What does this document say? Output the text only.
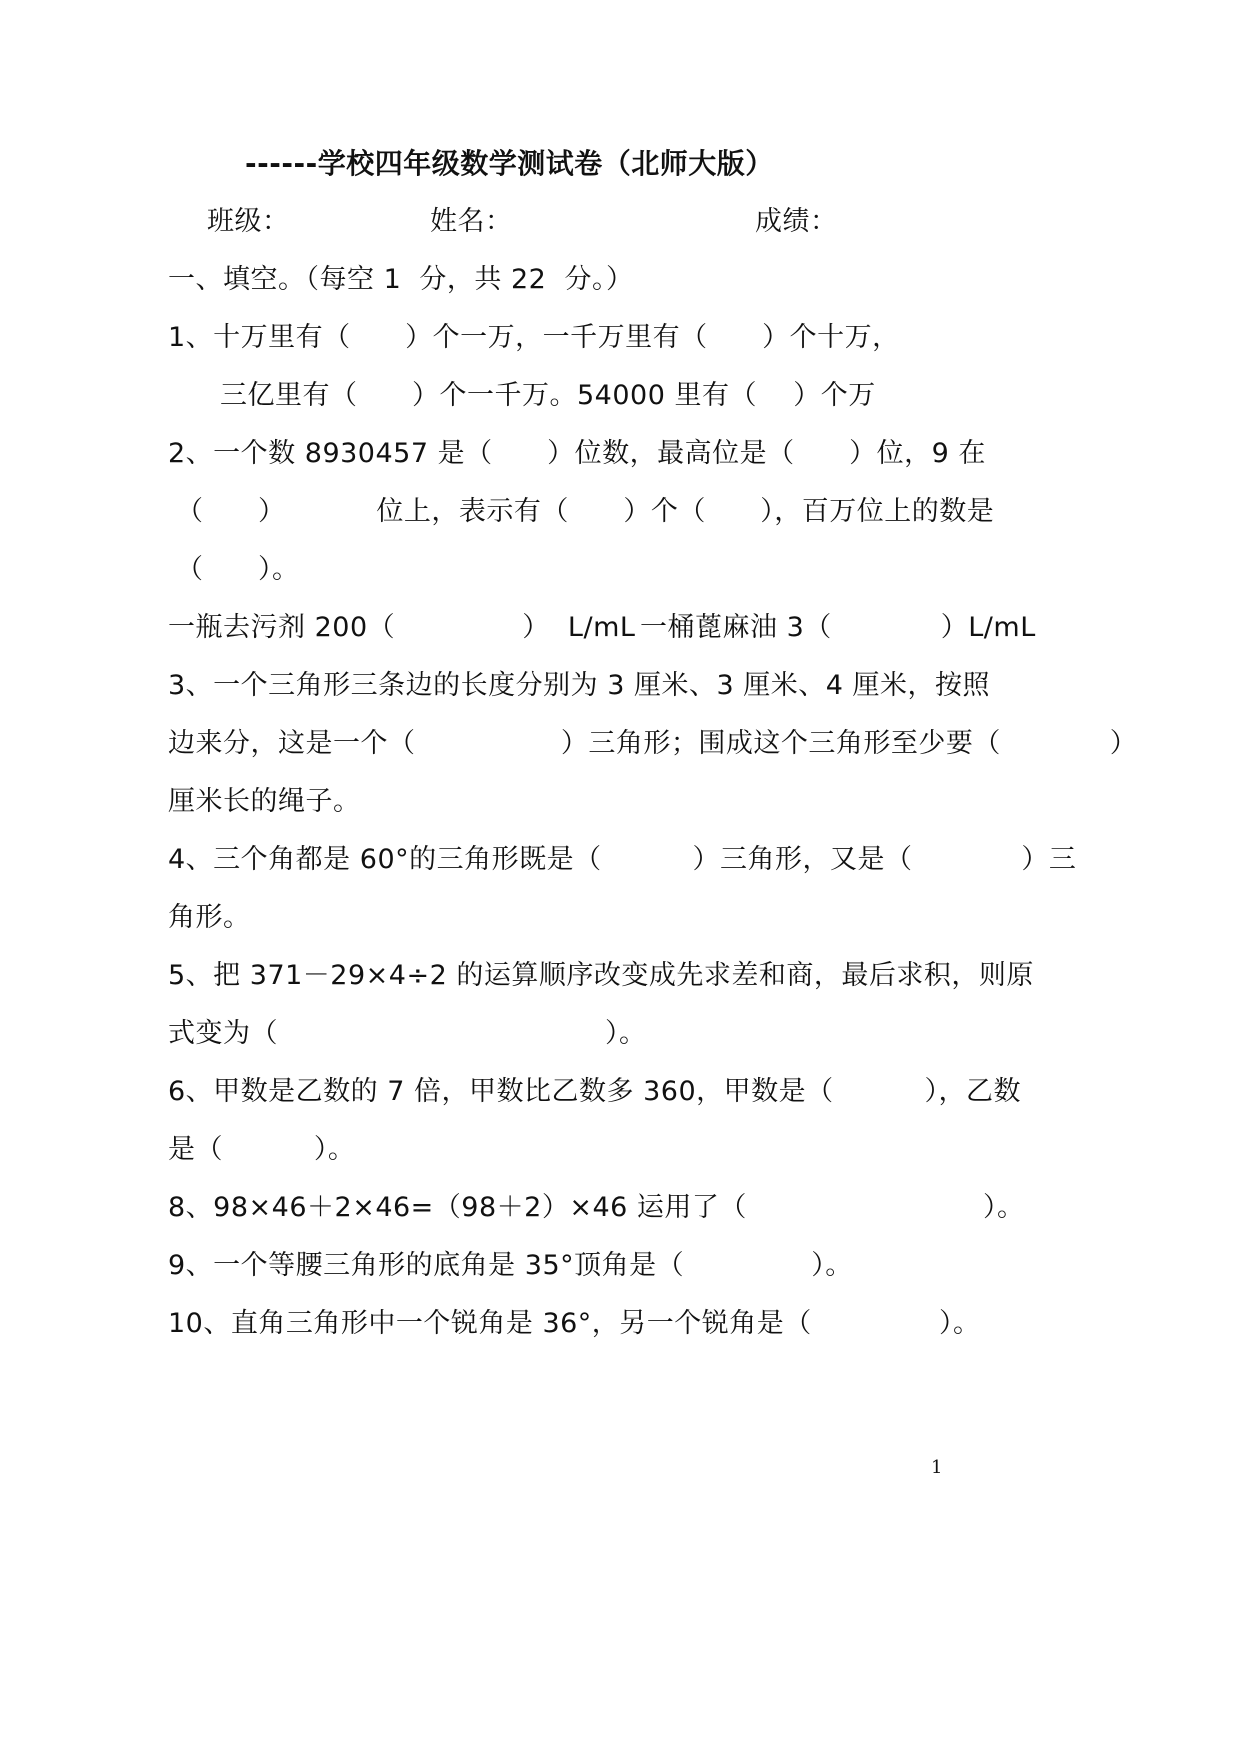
------学校四年级数学测试卷（北师大版）
班级：	姓名：	成绩：
一、填空。（每空 1  分，共 22  分。）
1、十万里有（      ）个一万，一千万里有（      ）个十万，
三亿里有（      ）个一千万。54000 里有（    ）个万
2、一个数 8930457 是（      ）位数，最高位是（      ）位，9 在
（      ）          位上，表示有（      ）个（      ），百万位上的数是
（      ）。
一瓶去污剂 200（              ）  L/mL 一桶蓖麻油 3（            ）L/mL
3、一个三角形三条边的长度分别为 3 厘米、3 厘米、4 厘米，按照
边来分，这是一个（                ）三角形；围成这个三角形至少要（            ）
厘米长的绳子。
4、三个角都是 60°的三角形既是（          ）三角形，又是（            ）三
角形。
5、把 371－29×4÷2 的运算顺序改变成先求差和商，最后求积，则原
式变为（                                    ）。
6、甲数是乙数的 7 倍，甲数比乙数多 360，甲数是（          ），乙数
是（          ）。
8、98×46＋2×46=（98＋2）×46 运用了（                          ）。
9、一个等腰三角形的底角是 35°顶角是（              ）。
10、直角三角形中一个锐角是 36°，另一个锐角是（              ）。
1
